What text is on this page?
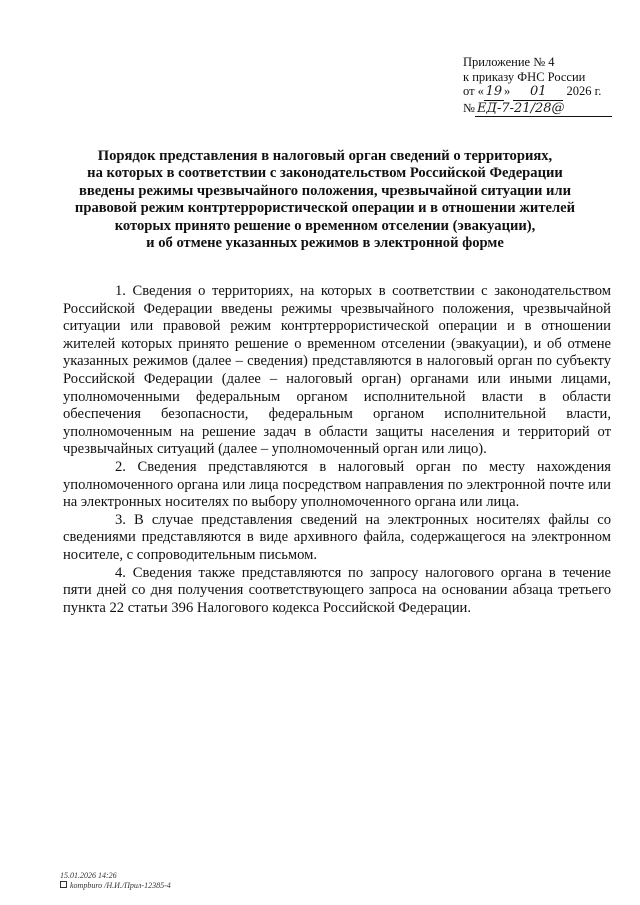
Приложение № 4
к приказу ФНС России
от « 19 » 01 2026 г.
№ ЕД-7-21/28@
Порядок представления в налоговый орган сведений о территориях,
на которых в соответствии с законодательством Российской Федерации
введены режимы чрезвычайного положения, чрезвычайной ситуации или
правовой режим контртеррористической операции и в отношении жителей
которых принято решение о временном отселении (эвакуации),
и об отмене указанных режимов в электронной форме

1. Сведения о территориях, на которых в соответствии с законодательством Российской Федерации введены режимы чрезвычайного положения, чрезвычайной ситуации или правовой режим контртеррористической операции и в отношении жителей которых принято решение о временном отселении (эвакуации), и об отмене указанных режимов (далее – сведения) представляются в налоговый орган по субъекту Российской Федерации (далее – налоговый орган) органами или иными лицами, уполномоченными федеральным органом исполнительной власти в области обеспечения безопасности, федеральным органом исполнительной власти, уполномоченным на решение задач в области защиты населения и территорий от чрезвычайных ситуаций (далее – уполномоченный орган или лицо).

2. Сведения представляются в налоговый орган по месту нахождения уполномоченного органа или лица посредством направления по электронной почте или на электронных носителях по выбору уполномоченного органа или лица.

3. В случае представления сведений на электронных носителях файлы со сведениями представляются в виде архивного файла, содержащегося на электронном носителе, с сопроводительным письмом.

4. Сведения также представляются по запросу налогового органа в течение пяти дней со дня получения соответствующего запроса на основании абзаца третьего пункта 22 статьи 396 Налогового кодекса Российской Федерации.

15.01.2026 14:26
kompburo /Н.И./Прил-12385-4
